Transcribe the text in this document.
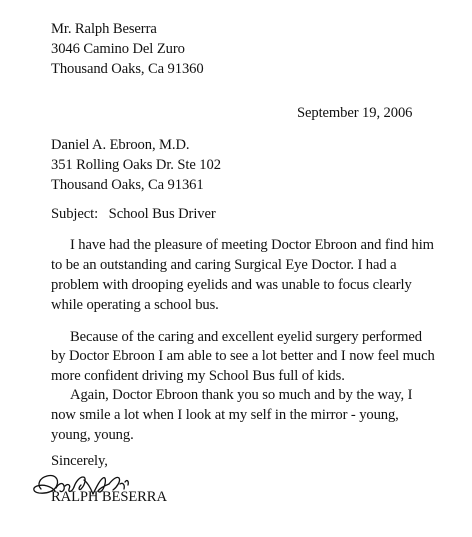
Mr. Ralph Beserra
3046 Camino Del Zuro
Thousand Oaks, Ca 91360
September 19, 2006
Daniel A. Ebroon, M.D.
351 Rolling Oaks Dr. Ste 102
Thousand Oaks, Ca 91361
Subject:   School Bus Driver
I have had the pleasure of meeting Doctor Ebroon and find him
to be an outstanding and caring Surgical Eye Doctor. I had a
problem with drooping eyelids and was unable to focus clearly
while operating a school bus.
Because of the caring and excellent eyelid surgery performed
by Doctor Ebroon I am able to see a lot better and I now feel much
more confident driving my School Bus full of kids.
Again, Doctor Ebroon thank you so much and by the way, I
now smile a lot when I look at my self in the mirror - young,
young, young.
Sincerely,
RALPH BESERRA
